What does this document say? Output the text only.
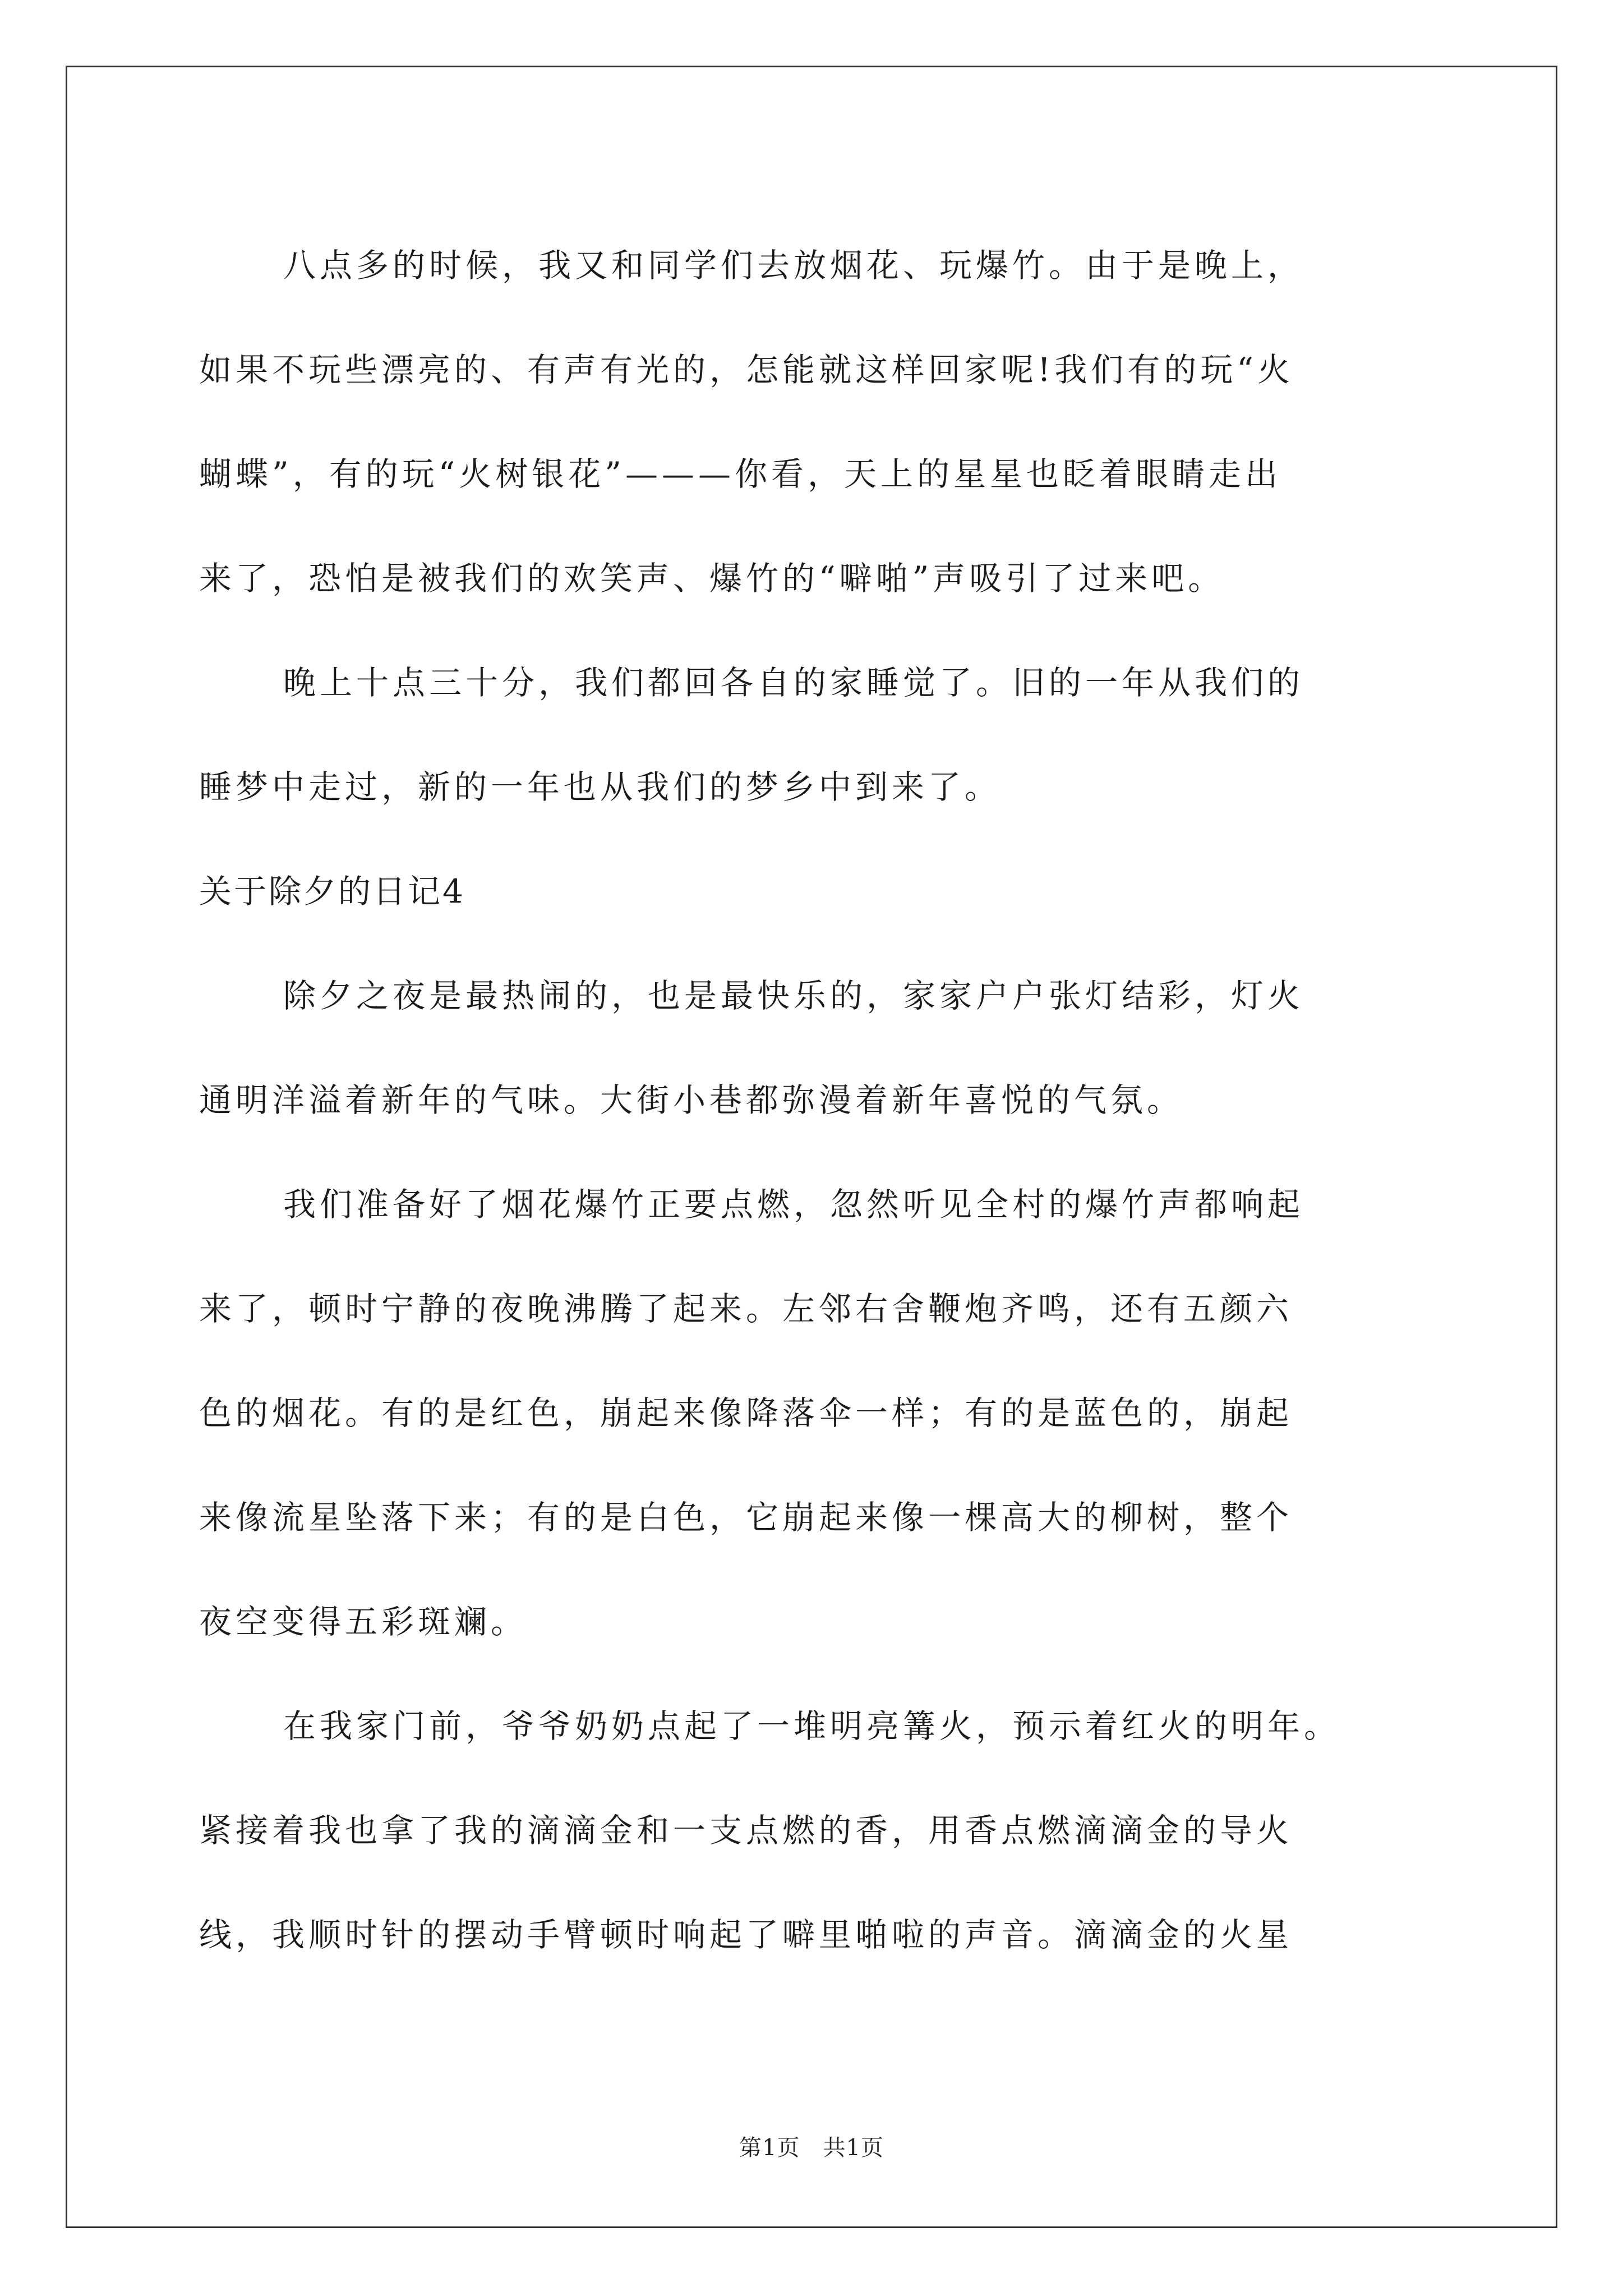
八点多的时候，我又和同学们去放烟花、玩爆竹。由于是晚上，
如果不玩些漂亮的、有声有光的，怎能就这样回家呢!我们有的玩“火
蝴蝶”，有的玩“火树银花”———你看，天上的星星也眨着眼睛走出
来了，恐怕是被我们的欢笑声、爆竹的“噼啪”声吸引了过来吧。
晚上十点三十分，我们都回各自的家睡觉了。旧的一年从我们的
睡梦中走过，新的一年也从我们的梦乡中到来了。
关于除夕的日记4
除夕之夜是最热闹的，也是最快乐的，家家户户张灯结彩，灯火
通明洋溢着新年的气味。大街小巷都弥漫着新年喜悦的气氛。
我们准备好了烟花爆竹正要点燃，忽然听见全村的爆竹声都响起
来了，顿时宁静的夜晚沸腾了起来。左邻右舍鞭炮齐鸣，还有五颜六
色的烟花。有的是红色，崩起来像降落伞一样；有的是蓝色的，崩起
来像流星坠落下来；有的是白色，它崩起来像一棵高大的柳树，整个
夜空变得五彩斑斓。
在我家门前，爷爷奶奶点起了一堆明亮篝火，预示着红火的明年。
紧接着我也拿了我的滴滴金和一支点燃的香，用香点燃滴滴金的导火
线，我顺时针的摆动手臂顿时响起了噼里啪啦的声音。滴滴金的火星
第1页　共1页
